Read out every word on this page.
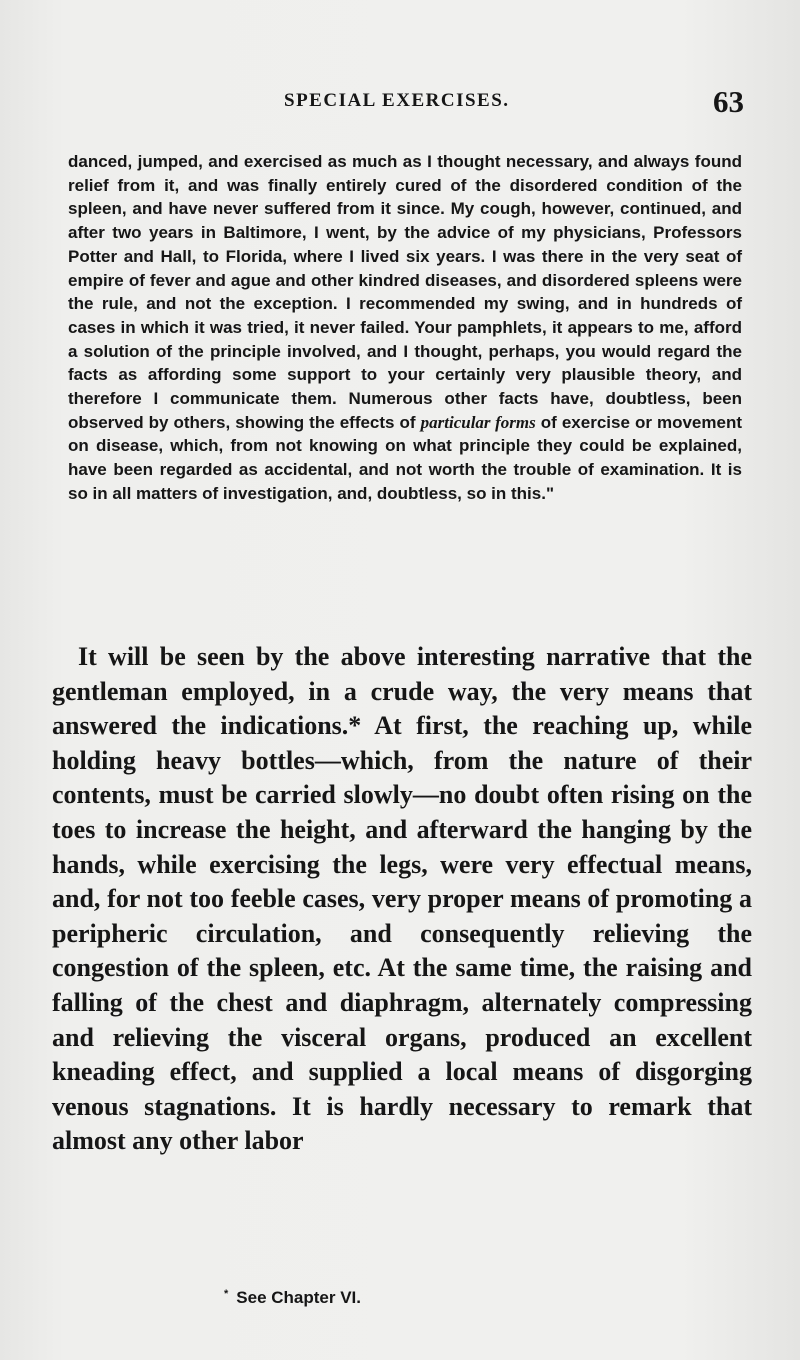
SPECIAL EXERCISES.	63

danced, jumped, and exercised as much as I thought necessary, and always found relief from it, and was finally entirely cured of the disordered condition of the spleen, and have never suffered from it since. My cough, however, continued, and after two years in Baltimore, I went, by the advice of my physicians, Professors Potter and Hall, to Florida, where I lived six years. I was there in the very seat of empire of fever and ague and other kindred diseases, and disordered spleens were the rule, and not the exception. I recommended my swing, and in hundreds of cases in which it was tried, it never failed. Your pamphlets, it appears to me, afford a solution of the principle involved, and I thought, perhaps, you would regard the facts as affording some support to your certainly very plausible theory, and therefore I communicate them. Numerous other facts have, doubtless, been observed by others, showing the effects of particular forms of exercise or movement on disease, which, from not knowing on what principle they could be explained, have been regarded as accidental, and not worth the trouble of examination. It is so in all matters of investigation, and, doubtless, so in this."

It will be seen by the above interesting narrative that the gentleman employed, in a crude way, the very means that answered the indications.* At first, the reaching up, while holding heavy bottles—which, from the nature of their contents, must be carried slowly—no doubt often rising on the toes to increase the height, and afterward the hanging by the hands, while exercising the legs, were very effectual means, and, for not too feeble cases, very proper means of promoting a peripheric circulation, and consequently relieving the congestion of the spleen, etc. At the same time, the raising and falling of the chest and diaphragm, alternately compressing and relieving the visceral organs, produced an excellent kneading effect, and supplied a local means of disgorging venous stagnations. It is hardly necessary to remark that almost any other labor

* See Chapter VI.
